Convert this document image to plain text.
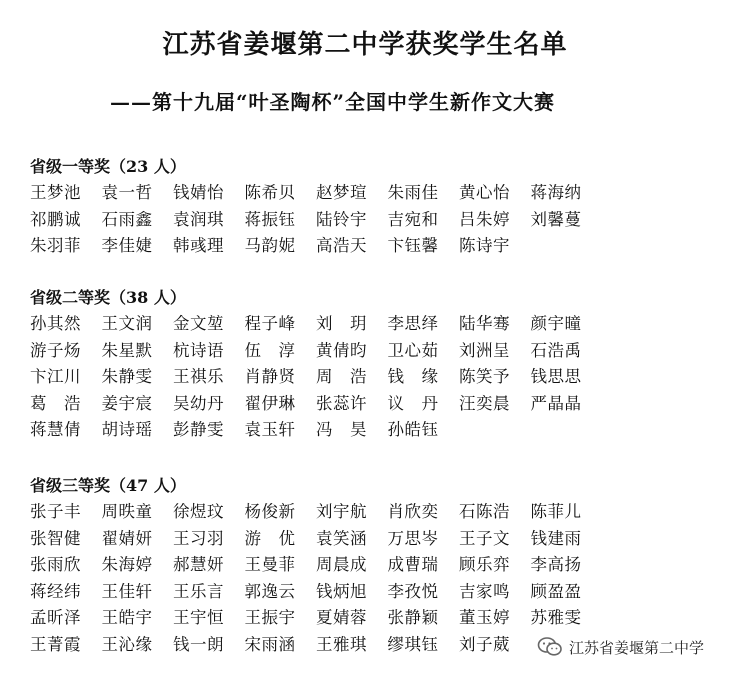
江苏省姜堰第二中学获奖学生名单
——第十九届“叶圣陶杯”全国中学生新作文大赛
省级一等奖（23 人）
王梦池 袁一哲 钱婧怡 陈希贝 赵梦瑄 朱雨佳 黄心怡 蒋海纳
祁鹏诚 石雨鑫 袁润琪 蒋振钰 陆铃宇 吉宛和 吕朱婷 刘馨蔓
朱羽菲 李佳婕 韩彧理 马韵妮 高浩天 卞钰馨 陈诗宇
省级二等奖（38 人）
孙其然 王文润 金文堃 程子峰 刘　玥 李思绎 陆华骞 颜宇曈
游子炀 朱星默 杭诗语 伍　淳 黄倩昀 卫心茹 刘洲呈 石浩禹
卞江川 朱静雯 王祺乐 肖静贤 周　浩 钱　缘 陈笑予 钱思思
葛　浩 姜宇宸 吴幼丹 翟伊琳 张蕊许 议　丹 汪奕晨 严晶晶
蒋慧倩 胡诗瑶 彭静雯 袁玉轩 冯　昊 孙皓钰
省级三等奖（47 人）
张子丰 周昳童 徐煜玟 杨俊新 刘宇航 肖欣奕 石陈浩 陈菲儿
张智健 翟婧妍 王习羽 游　优 袁笑涵 万思岑 王子文 钱建雨
张雨欣 朱海婷 郝慧妍 王曼菲 周晨成 成曹瑞 顾乐弈 李高扬
蒋经纬 王佳轩 王乐言 郭逸云 钱炳旭 李孜悦 吉家鸣 顾盈盈
孟昕泽 王皓宇 王宇恒 王振宇 夏婧蓉 张静颖 董玉婷 苏雅雯
王菁霞 王沁缘 钱一朗 宋雨涵 王雅琪 缪琪钰 刘子葳	江苏省姜堰第二中学
